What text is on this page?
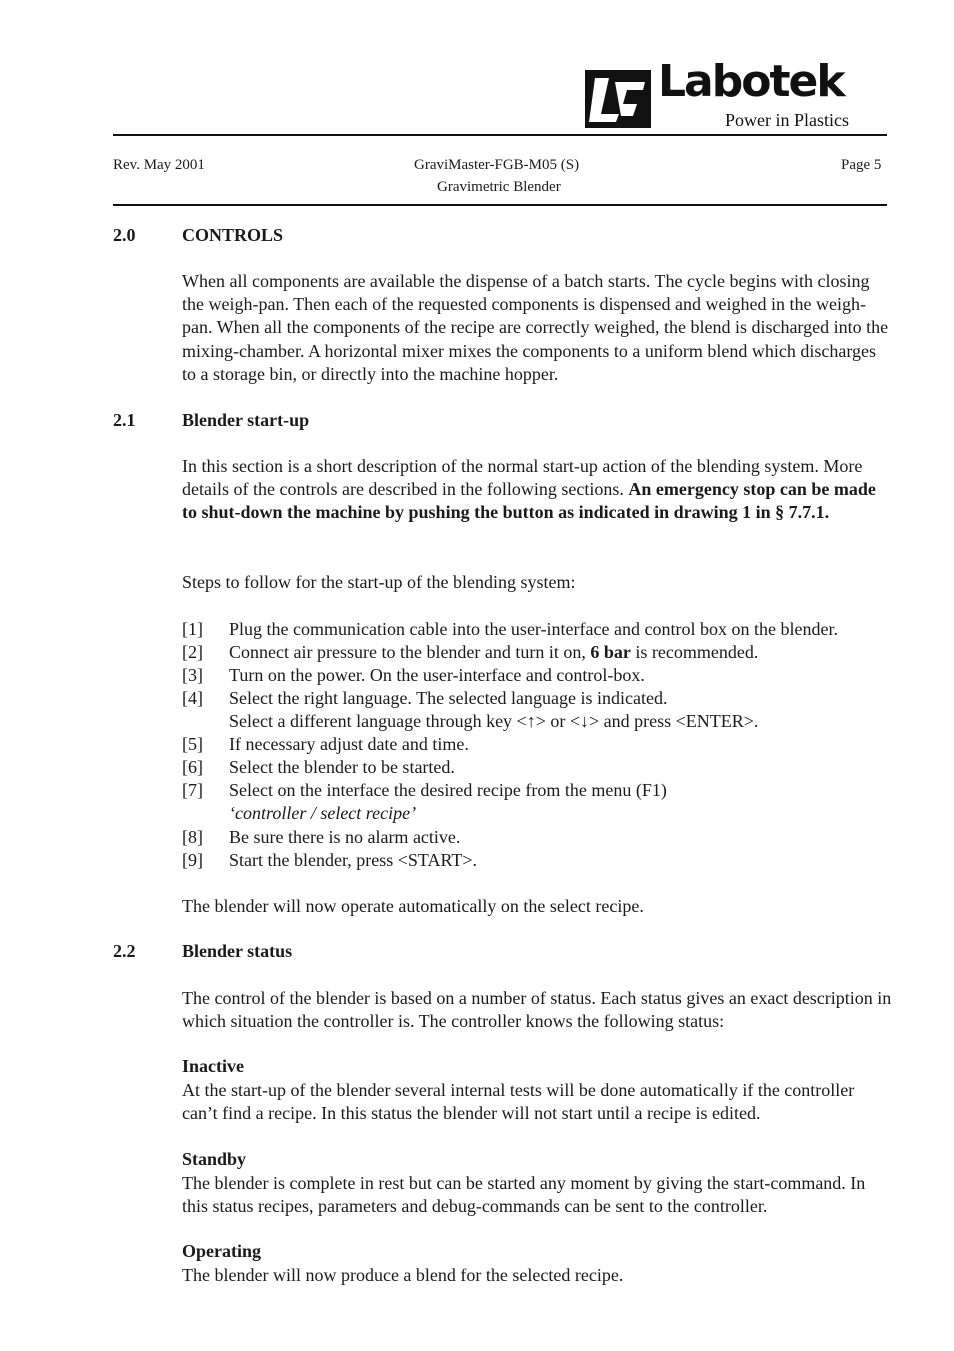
Labotek
Power in Plastics
Rev. May 2001	GraviMaster-FGB-M05 (S)
Gravimetric Blender
Page 5
2.0	CONTROLS
When all components are available the dispense of a batch starts. The cycle begins with closing the weigh-pan. Then each of the requested components is dispensed and weighed in the weigh-pan. When all the components of the recipe are correctly weighed, the blend is discharged into the mixing-chamber. A horizontal mixer mixes the components to a uniform blend which discharges to a storage bin, or directly into the machine hopper.
2.1	Blender start-up
In this section is a short description of the normal start-up action of the blending system. More details of the controls are described in the following sections. An emergency stop can be made to shut-down the machine by pushing the button as indicated in drawing 1 in § 7.7.1.
Steps to follow for the start-up of the blending system:
[1] Plug the communication cable into the user-interface and control box on the blender.
[2] Connect air pressure to the blender and turn it on, 6 bar is recommended.
[3] Turn on the power. On the user-interface and control-box.
[4] Select the right language. The selected language is indicated.
Select a different language through key <↑> or <↓> and press <ENTER>.
[5] If necessary adjust date and time.
[6] Select the blender to be started.
[7] Select on the interface the desired recipe from the menu (F1)
‘controller / select recipe’
[8] Be sure there is no alarm active.
[9] Start the blender, press <START>.
The blender will now operate automatically on the select recipe.
2.2	Blender status
The control of the blender is based on a number of status. Each status gives an exact description in which situation the controller is. The controller knows the following status:
Inactive
At the start-up of the blender several internal tests will be done automatically if the controller can’t find a recipe. In this status the blender will not start until a recipe is edited.
Standby
The blender is complete in rest but can be started any moment by giving the start-command. In this status recipes, parameters and debug-commands can be sent to the controller.
Operating
The blender will now produce a blend for the selected recipe.
